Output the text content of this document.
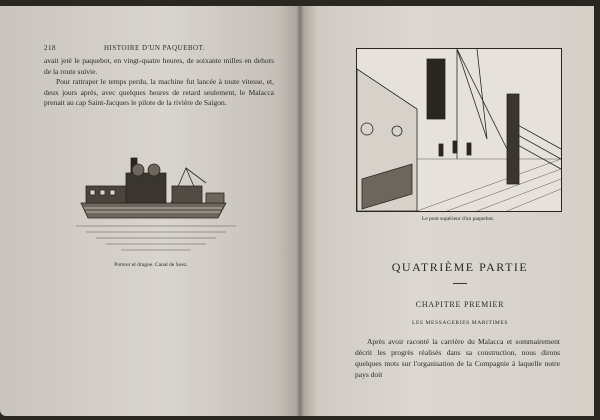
218	HISTOIRE D'UN PAQUEBOT.

avait jeté le paquebot, en vingt-quatre heures, de soixante milles en dehors de la route suivie.

Pour rattraper le temps perdu, la machine fut lancée à toute vitesse, et, deux jours après, avec quelques heures de retard seulement, le Malacca prenait au cap Saint-Jacques le pilote de la rivière de Saigon.

Porteur et drague. Canal de Suez.
Le pont supérieur d'un paquebot.
QUATRIÈME PARTIE
CHAPITRE PREMIER
LES MESSAGERIES MARITIMES

Après avoir raconté la carrière du Malacca et sommairement décrit les progrès réalisés dans sa construction, nous dirons quelques mots sur l'organisation de la Compagnie à laquelle notre pays doit
